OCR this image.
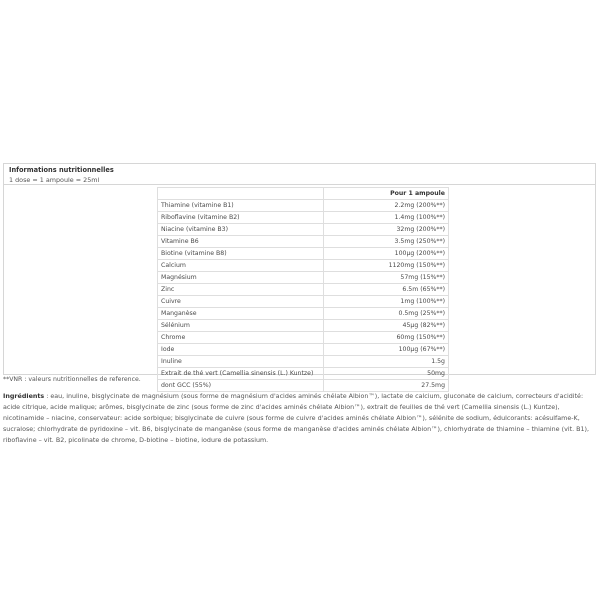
Informations nutritionnelles
1 dose = 1 ampoule = 25ml
	Pour 1 ampoule
Thiamine (vitamine B1)	2.2mg (200%**)
Riboflavine (vitamine B2)	1.4mg (100%**)
Niacine (vitamine B3)	32mg (200%**)
Vitamine B6	3.5mg (250%**)
Biotine (vitamine B8)	100µg (200%**)
Calcium	1120mg (150%**)
Magnésium	57mg (15%**)
Zinc	6.5m (65%**)
Cuivre	1mg (100%**)
Manganèse	0.5mg (25%**)
Sélénium	45µg (82%**)
Chrome	60mg (150%**)
Iode	100µg (67%**)
Inuline	1.5g
Extrait de thé vert (Camellia sinensis (L.) Kuntze)	50mg
dont GCC (55%)	27.5mg
**VNR : valeurs nutritionnelles de reference.
Ingrédients : eau, inuline, bisglycinate de magnésium (sous forme de magnésium d'acides aminés chélate Albion™), lactate de calcium, gluconate de calcium, correcteurs d'acidité: acide citrique, acide malique; arômes, bisglycinate de zinc (sous forme de zinc d'acides aminés chélate Albion™), extrait de feuilles de thé vert (Camellia sinensis (L.) Kuntze), nicotinamide – niacine, conservateur: acide sorbique; bisglycinate de cuivre (sous forme de cuivre d'acides aminés chélate Albion™), sélénite de sodium, édulcorants: acésulfame-K, sucralose; chlorhydrate de pyridoxine – vit. B6, bisglycinate de manganèse (sous forme de manganèse d'acides aminés chélate Albion™), chlorhydrate de thiamine – thiamine (vit. B1), riboflavine – vit. B2, picolinate de chrome, D-biotine – biotine, iodure de potassium.
